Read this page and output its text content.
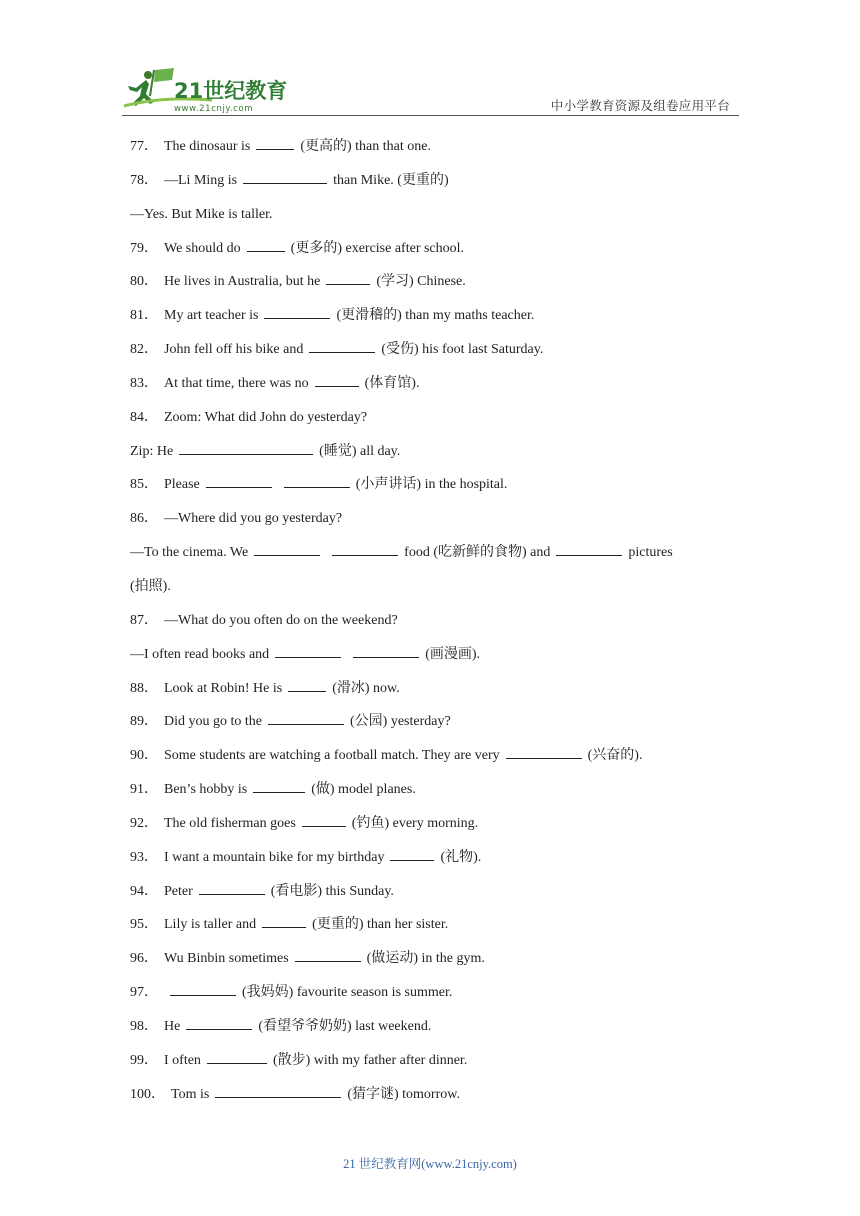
21世纪教育
www.21cnjy.com	中小学教育资源及组卷应用平台
77． The dinosaur is	(更高的) than that one.
78． —Li Ming is	than Mike. (更重的)
—Yes. But Mike is taller.
79． We should do	(更多的) exercise after school.
80． He lives in Australia, but he	(学习) Chinese.
81． My art teacher is	(更滑稽的) than my maths teacher.
82． John fell off his bike and	(受伤) his foot last Saturday.
83． At that time, there was no	(体育馆).
84． Zoom: What did John do yesterday?
Zip: He	(睡觉) all day.
85． Please	(小声讲话) in the hospital.
86． —Where did you go yesterday?
—To the cinema. We	food (吃新鲜的食物) and	pictures
(拍照).
87． —What do you often do on the weekend?
—I often read books and	(画漫画).
88． Look at Robin! He is	(滑冰) now.
89． Did you go to the	(公园) yesterday?
90． Some students are watching a football match. They are very	(兴奋的).
91． Ben’s hobby is	(做) model planes.
92． The old fisherman goes	(钓鱼) every morning.
93． I want a mountain bike for my birthday	(礼物).
94． Peter	(看电影) this Sunday.
95． Lily is taller and	(更重的) than her sister.
96． Wu Binbin sometimes	(做运动) in the gym.
97．	(我妈妈) favourite season is summer.
98． He	(看望爷爷奶奶) last weekend.
99． I often	(散步) with my father after dinner.
100． Tom is	(猜字谜) tomorrow.
21 世纪教育网(www.21cnjy.com)
